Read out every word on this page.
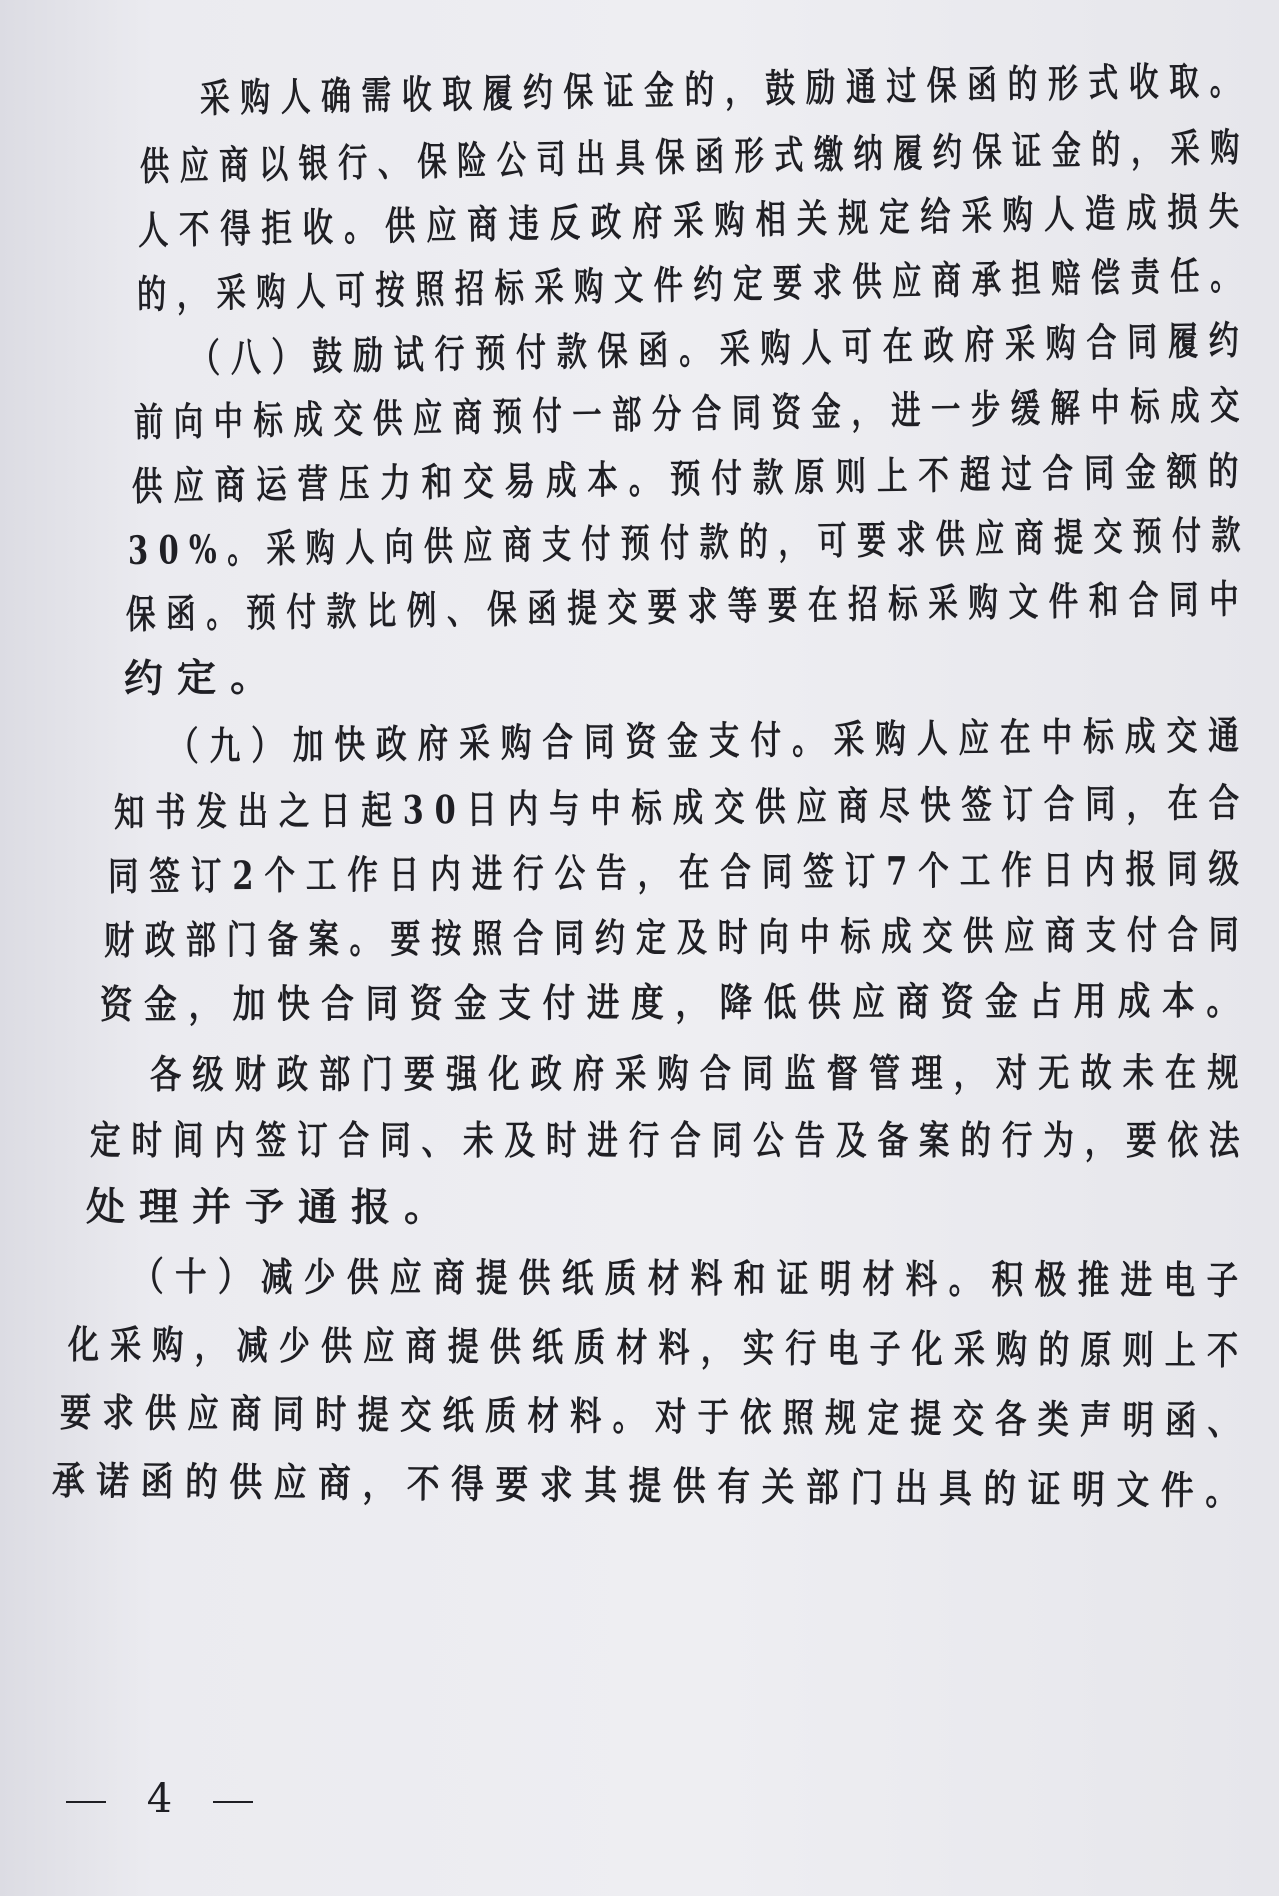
采购人确需收取履约保证金的，鼓励通过保函的形式收取。
供应商以银行、保险公司出具保函形式缴纳履约保证金的，采购
人不得拒收。供应商违反政府采购相关规定给采购人造成损失
的，采购人可按照招标采购文件约定要求供应商承担赔偿责任。
（八）鼓励试行预付款保函。采购人可在政府采购合同履约
前向中标成交供应商预付一部分合同资金，进一步缓解中标成交
供应商运营压力和交易成本。预付款原则上不超过合同金额的
30%。采购人向供应商支付预付款的，可要求供应商提交预付款
保函。预付款比例、保函提交要求等要在招标采购文件和合同中
约定。
（九）加快政府采购合同资金支付。采购人应在中标成交通
知书发出之日起30日内与中标成交供应商尽快签订合同，在合
同签订2个工作日内进行公告，在合同签订7个工作日内报同级
财政部门备案。要按照合同约定及时向中标成交供应商支付合同
资金，加快合同资金支付进度，降低供应商资金占用成本。
各级财政部门要强化政府采购合同监督管理，对无故未在规
定时间内签订合同、未及时进行合同公告及备案的行为，要依法
处理并予通报。
（十）减少供应商提供纸质材料和证明材料。积极推进电子
化采购，减少供应商提供纸质材料，实行电子化采购的原则上不
要求供应商同时提交纸质材料。对于依照规定提交各类声明函、
承诺函的供应商，不得要求其提供有关部门出具的证明文件。
4
